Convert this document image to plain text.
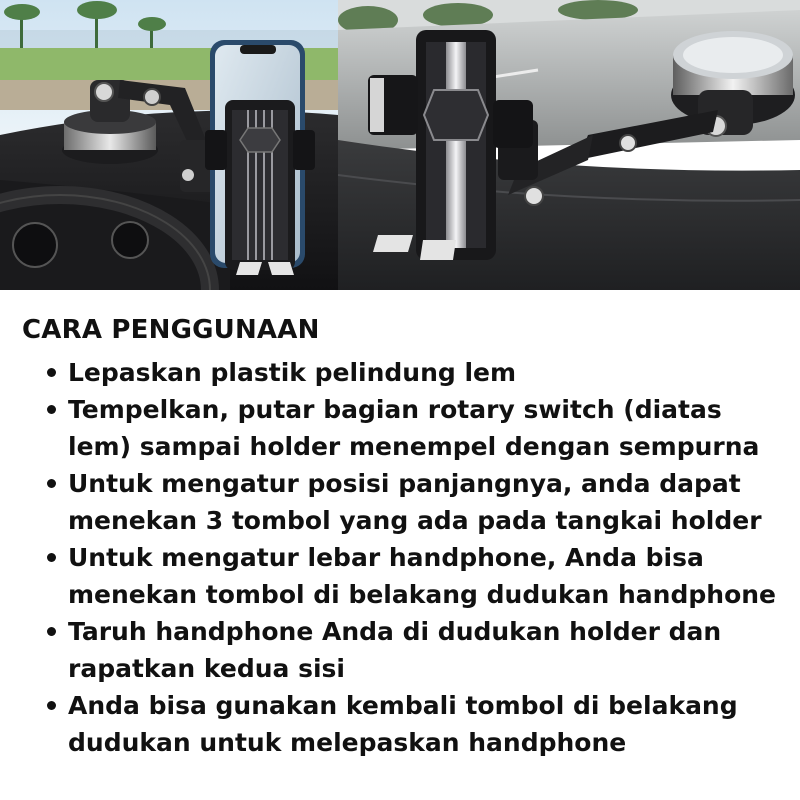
CARA PENGGUNAAN
Lepaskan plastik pelindung lem
Tempelkan, putar bagian rotary switch (diatas lem) sampai holder menempel dengan sempurna
Untuk mengatur posisi panjangnya, anda dapat menekan 3 tombol yang ada pada tangkai holder
Untuk mengatur lebar handphone, Anda bisa menekan tombol di belakang dudukan handphone
Taruh handphone Anda di dudukan holder dan rapatkan kedua sisi
Anda bisa gunakan kembali tombol di belakang dudukan untuk melepaskan handphone
